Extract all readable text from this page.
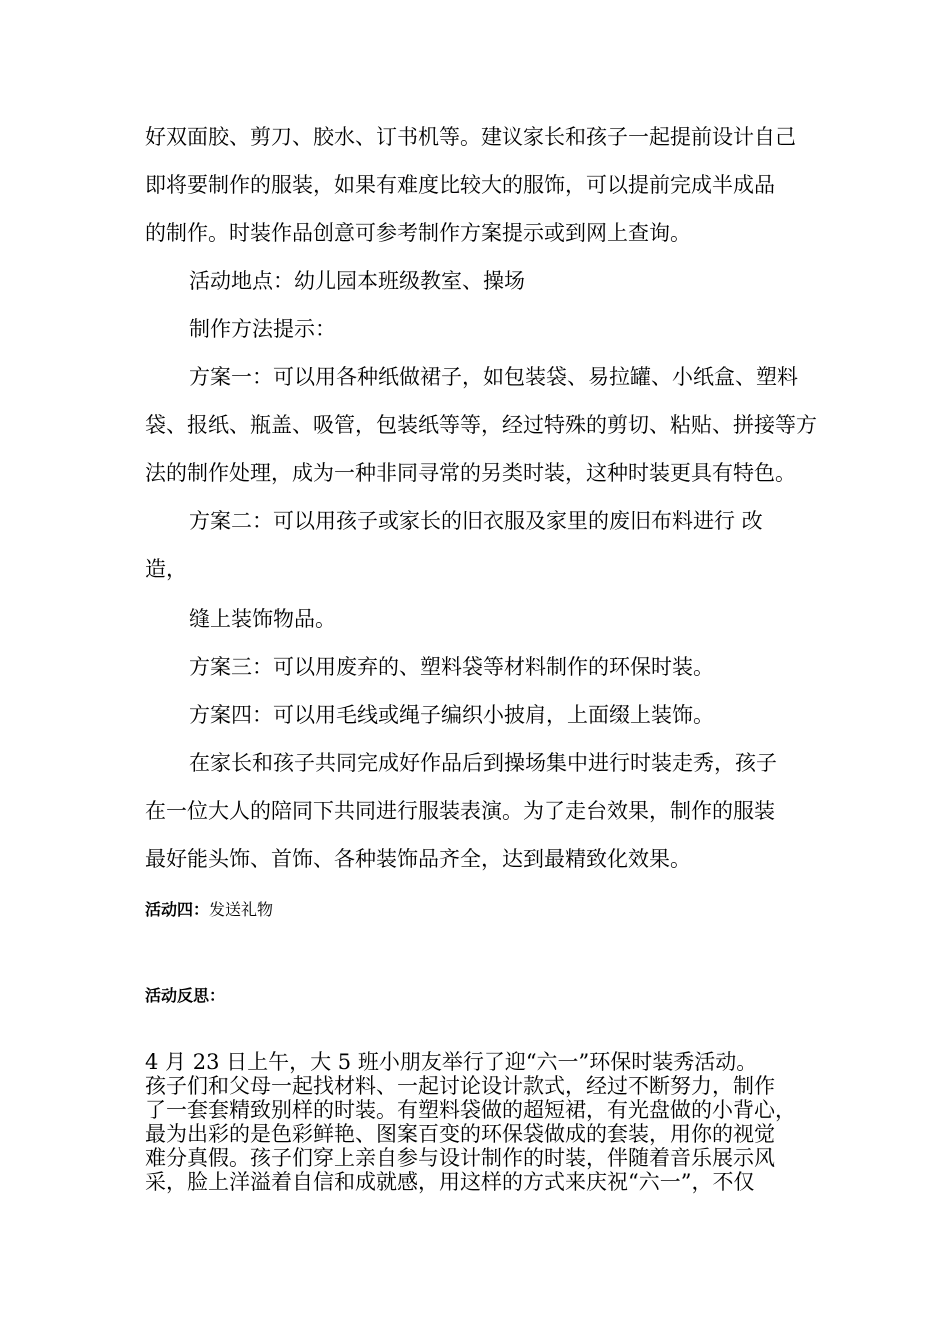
好双面胶、剪刀、胶水、订书机等。建议家长和孩子一起提前设计自己
即将要制作的服装，如果有难度比较大的服饰，可以提前完成半成品
的制作。时装作品创意可参考制作方案提示或到网上查询。
活动地点：幼儿园本班级教室、操场
制作方法提示：
方案一：可以用各种纸做裙子，如包装袋、易拉罐、小纸盒、塑料
袋、报纸、瓶盖、吸管，包装纸等等，经过特殊的剪切、粘贴、拼接等方
法的制作处理，成为一种非同寻常的另类时装，这种时装更具有特色。
方案二：可以用孩子或家长的旧衣服及家里的废旧布料进行 改
造，
缝上装饰物品。
方案三：可以用废弃的、塑料袋等材料制作的环保时装。
方案四：可以用毛线或绳子编织小披肩，上面缀上装饰。
在家长和孩子共同完成好作品后到操场集中进行时装走秀，孩子
在一位大人的陪同下共同进行服装表演。为了走台效果，制作的服装
最好能头饰、首饰、各种装饰品齐全，达到最精致化效果。
活动四：发送礼物
活动反思：
4 月 23 日上午，大 5 班小朋友举行了迎“六一”环保时装秀活动。
孩子们和父母一起找材料、一起讨论设计款式，经过不断努力，制作
了一套套精致别样的时装。有塑料袋做的超短裙，有光盘做的小背心，
最为出彩的是色彩鲜艳、图案百变的环保袋做成的套装，用你的视觉
难分真假。孩子们穿上亲自参与设计制作的时装，伴随着音乐展示风
采，脸上洋溢着自信和成就感，用这样的方式来庆祝“六一”，不仅
